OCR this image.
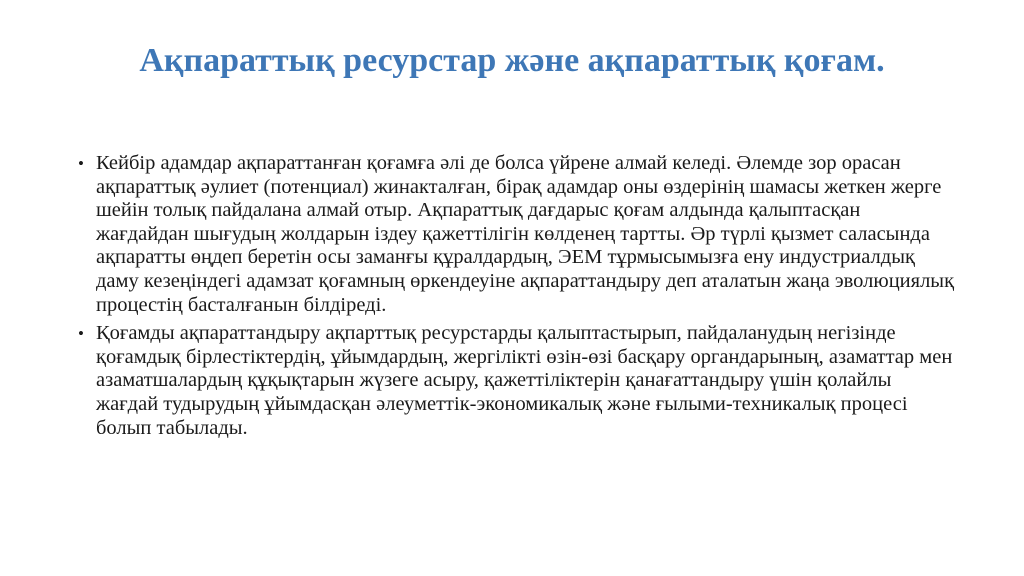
Ақпараттық ресурстар және ақпараттық қоғам.
• Кейбір адамдар ақпараттанған қоғамға әлі де болса үйрене алмай келеді. Әлемде зор орасан ақпараттық әулиет (потенциал) жинакталған, бірақ адамдар оны өздерінің шамасы жеткен жерге шейін толық пайдалана алмай отыр. Ақпараттық дағдарыс қоғам алдында қалыптасқан жағдайдан шығудың жолдарын іздеу қажеттілігін көлденең тартты. Әр түрлі қызмет саласында ақпаратты өңдеп беретін осы заманғы құралдардың, ЭЕМ тұрмысымызға ену индустриалдық даму кезеңіндегі адамзат қоғамның өркендеуіне ақпараттандыру деп аталатын жаңа эволюциялық процестің басталғанын білдіреді.
• Қоғамды ақпараттандыру ақпарттық ресурстарды қалыптастырып, пайдаланудың негізінде қоғамдық бірлестіктердің, ұйымдардың, жергілікті өзін-өзі басқару органдарының, азаматтар мен азаматшалардың құқықтарын жүзеге асыру, қажеттіліктерін қанағаттандыру үшін қолайлы жағдай тудырудың ұйымдасқан әлеуметтік-экономикалық және ғылыми-техникалық процесі болып табылады.
